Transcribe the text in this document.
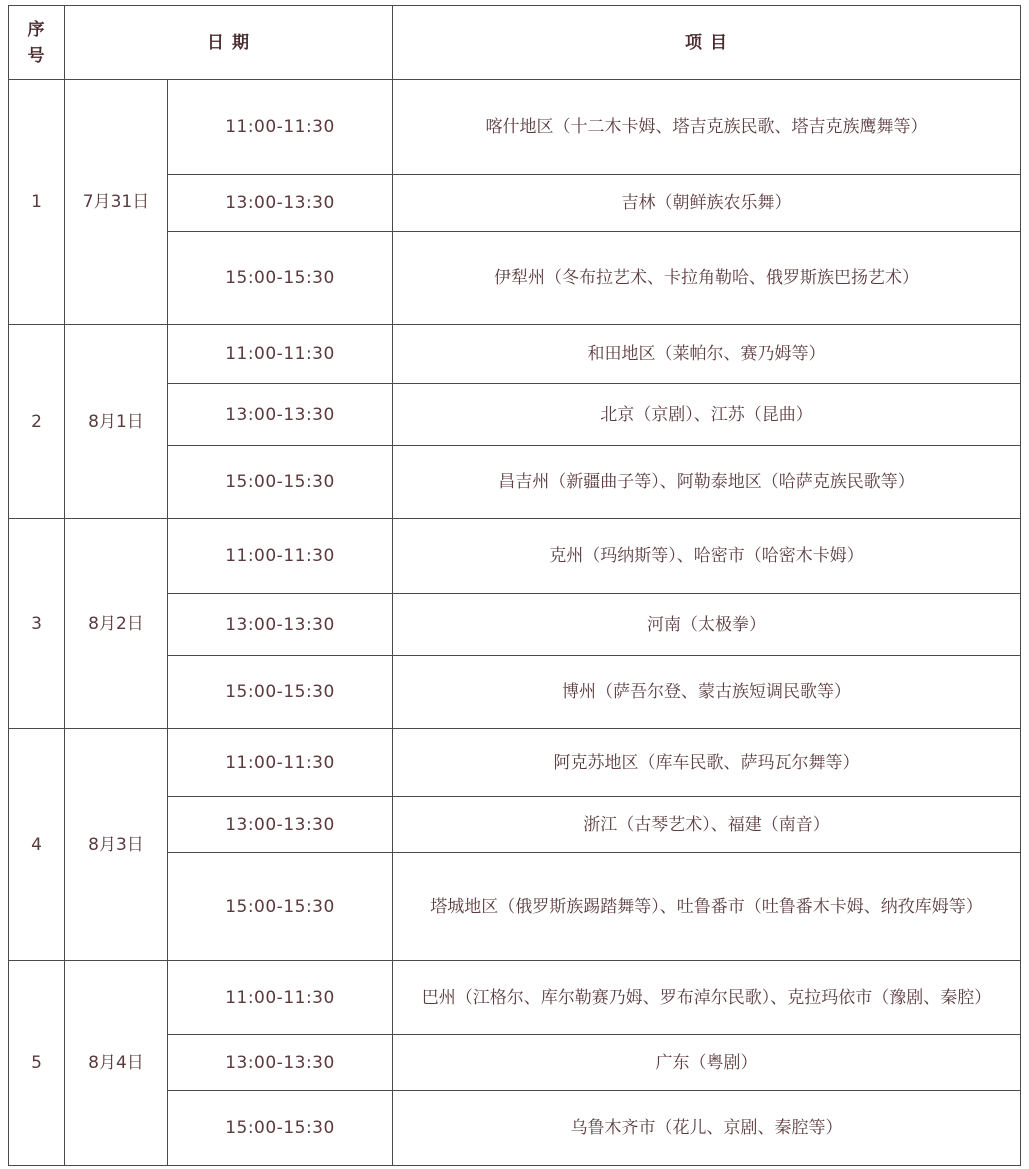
序
号	日 期		项 目
1	7月31日	11:00-11:30	喀什地区（十二木卡姆、塔吉克族民歌、塔吉克族鹰舞等）
		13:00-13:30	吉林（朝鲜族农乐舞）
		15:00-15:30	伊犁州（冬布拉艺术、卡拉角勒哈、俄罗斯族巴扬艺术）
2	8月1日	11:00-11:30	和田地区（莱帕尔、赛乃姆等）
		13:00-13:30	北京（京剧）、江苏（昆曲）
		15:00-15:30	昌吉州（新疆曲子等）、阿勒泰地区（哈萨克族民歌等）
3	8月2日	11:00-11:30	克州（玛纳斯等）、哈密市（哈密木卡姆）
		13:00-13:30	河南（太极拳）
		15:00-15:30	博州（萨吾尔登、蒙古族短调民歌等）
4	8月3日	11:00-11:30	阿克苏地区（库车民歌、萨玛瓦尔舞等）
		13:00-13:30	浙江（古琴艺术）、福建（南音）
		15:00-15:30	塔城地区（俄罗斯族踢踏舞等）、吐鲁番市（吐鲁番木卡姆、纳孜库姆等）
5	8月4日	11:00-11:30	巴州（江格尔、库尔勒赛乃姆、罗布淖尔民歌）、克拉玛依市（豫剧、秦腔）
		13:00-13:30	广东（粤剧）
		15:00-15:30	乌鲁木齐市（花儿、京剧、秦腔等）
